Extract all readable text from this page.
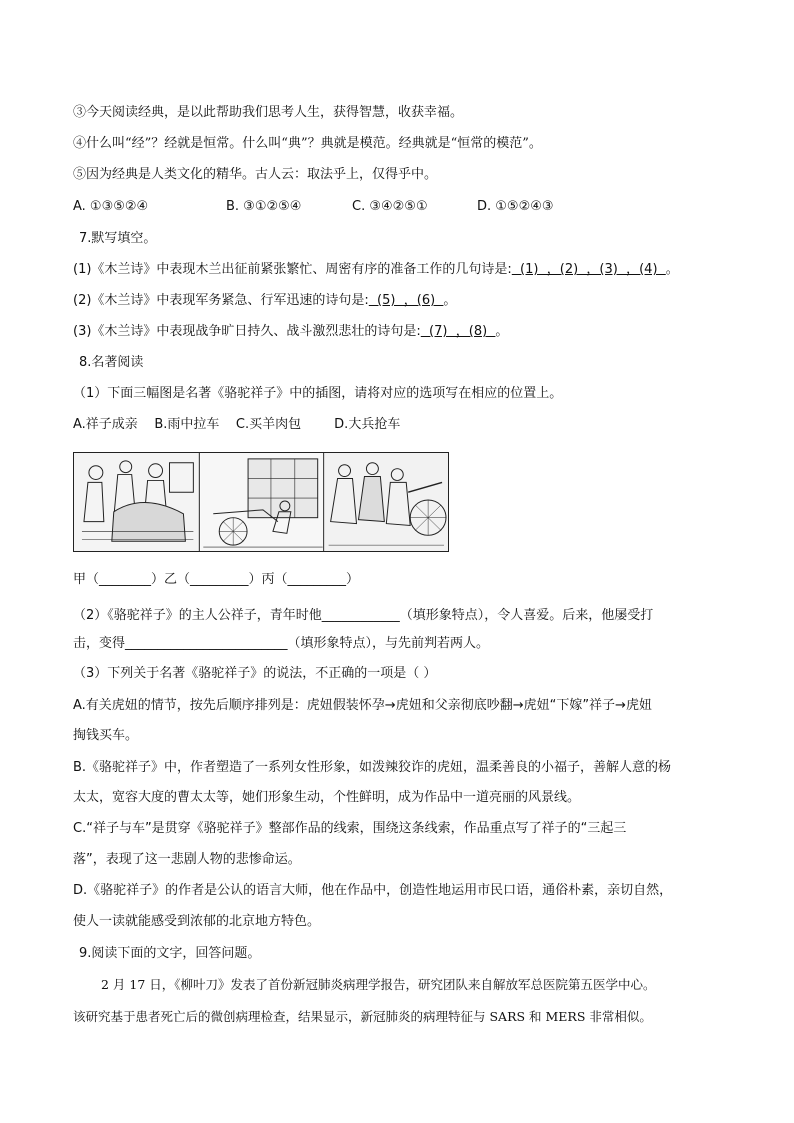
③今天阅读经典，是以此帮助我们思考人生，获得智慧，收获幸福。
④什么叫“经”？经就是恒常。什么叫“典”？典就是模范。经典就是“恒常的模范”。
⑤因为经典是人类文化的精华。古人云：取法乎上，仅得乎中。
A. ①③⑤②④	B. ③①②⑤④	C. ③④②⑤①	D. ①⑤②④③
7.默写填空。
(1)《木兰诗》中表现木兰出征前紧张繁忙、周密有序的准备工作的几句诗是:  (1)  ，(2)  ，(3)  ，(4)  。
(2)《木兰诗》中表现军务紧急、行军迅速的诗句是:  (5)  ，(6)  。
(3)《木兰诗》中表现战争旷日持久、战斗激烈悲壮的诗句是:  (7)  ，(8)  。
8.名著阅读
（1）下面三幅图是名著《骆驼祥子》中的插图，请将对应的选项写在相应的位置上。
A.祥子成亲    B.雨中拉车    C.买羊肉包        D.大兵抢车
甲（________）乙（_________）丙（_________）
（2）《骆驼祥子》的主人公祥子，青年时他____________（填形象特点），令人喜爱。后来，他屡受打
击，变得_________________________（填形象特点），与先前判若两人。
（3）下列关于名著《骆驼祥子》的说法，不正确的一项是（ ）
A.有关虎妞的情节，按先后顺序排列是：虎妞假装怀孕→虎妞和父亲彻底吵翻→虎妞“下嫁”祥子→虎妞
掏钱买车。
B.《骆驼祥子》中，作者塑造了一系列女性形象，如泼辣狡诈的虎妞，温柔善良的小福子，善解人意的杨
太太，宽容大度的曹太太等，她们形象生动，个性鲜明，成为作品中一道亮丽的风景线。
C.“祥子与车”是贯穿《骆驼祥子》整部作品的线索，围绕这条线索，作品重点写了祥子的“三起三
落”，表现了这一悲剧人物的悲惨命运。
D.《骆驼祥子》的作者是公认的语言大师，他在作品中，创造性地运用市民口语，通俗朴素，亲切自然，
使人一读就能感受到浓郁的北京地方特色。
9.阅读下面的文字，回答问题。
2 月 17 日，《柳叶刀》发表了首份新冠肺炎病理学报告，研究团队来自解放军总医院第五医学中心。
该研究基于患者死亡后的微创病理检查，结果显示，新冠肺炎的病理特征与 SARS 和 MERS 非常相似。
